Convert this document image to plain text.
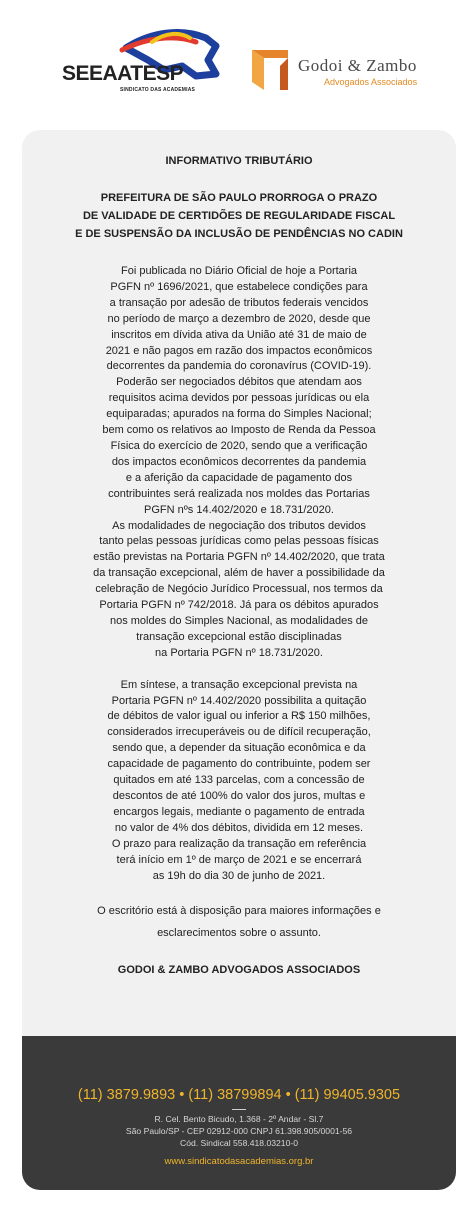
SEEAATESP
SINDICATO DAS ACADEMIAS
Godoi & Zambo
Advogados Associados
INFORMATIVO TRIBUTÁRIO
PREFEITURA DE SÃO PAULO PRORROGA O PRAZO
DE VALIDADE DE CERTIDÕES DE REGULARIDADE FISCAL
E DE SUSPENSÃO DA INCLUSÃO DE PENDÊNCIAS NO CADIN
Foi publicada no Diário Oficial de hoje a Portaria
PGFN nº 1696/2021, que estabelece condições para
a transação por adesão de tributos federais vencidos
no período de março a dezembro de 2020, desde que
inscritos em dívida ativa da União até 31 de maio de
2021 e não pagos em razão dos impactos econômicos
decorrentes da pandemia do coronavírus (COVID-19).
Poderão ser negociados débitos que atendam aos
requisitos acima devidos por pessoas jurídicas ou ela
equiparadas; apurados na forma do Simples Nacional;
bem como os relativos ao Imposto de Renda da Pessoa
Física do exercício de 2020, sendo que a verificação
dos impactos econômicos decorrentes da pandemia
e a aferição da capacidade de pagamento dos
contribuintes será realizada nos moldes das Portarias
PGFN nºs 14.402/2020 e 18.731/2020.
As modalidades de negociação dos tributos devidos
tanto pelas pessoas jurídicas como pelas pessoas físicas
estão previstas na Portaria PGFN nº 14.402/2020, que trata
da transação excepcional, além de haver a possibilidade da
celebração de Negócio Jurídico Processual, nos termos da
Portaria PGFN nº 742/2018. Já para os débitos apurados
nos moldes do Simples Nacional, as modalidades de
transação excepcional estão disciplinadas
na Portaria PGFN nº 18.731/2020.
Em síntese, a transação excepcional prevista na
Portaria PGFN nº 14.402/2020 possibilita a quitação
de débitos de valor igual ou inferior a R$ 150 milhões,
considerados irrecuperáveis ou de difícil recuperação,
sendo que, a depender da situação econômica e da
capacidade de pagamento do contribuinte, podem ser
quitados em até 133 parcelas, com a concessão de
descontos de até 100% do valor dos juros, multas e
encargos legais, mediante o pagamento de entrada
no valor de 4% dos débitos, dividida em 12 meses.
O prazo para realização da transação em referência
terá início em 1º de março de 2021 e se encerrará
as 19h do dia 30 de junho de 2021.
O escritório está à disposição para maiores informações e
esclarecimentos sobre o assunto.
GODOI & ZAMBO ADVOGADOS ASSOCIADOS
(11) 3879.9893 • (11) 38799894 • (11) 99405.9305
R. Cel. Bento Bicudo, 1.368 - 2º Andar - Sl.7
São Paulo/SP - CEP 02912-000 CNPJ 61.398.905/0001-56
Cód. Sindical 558.418.03210-0
www.sindicatodasacademias.org.br
